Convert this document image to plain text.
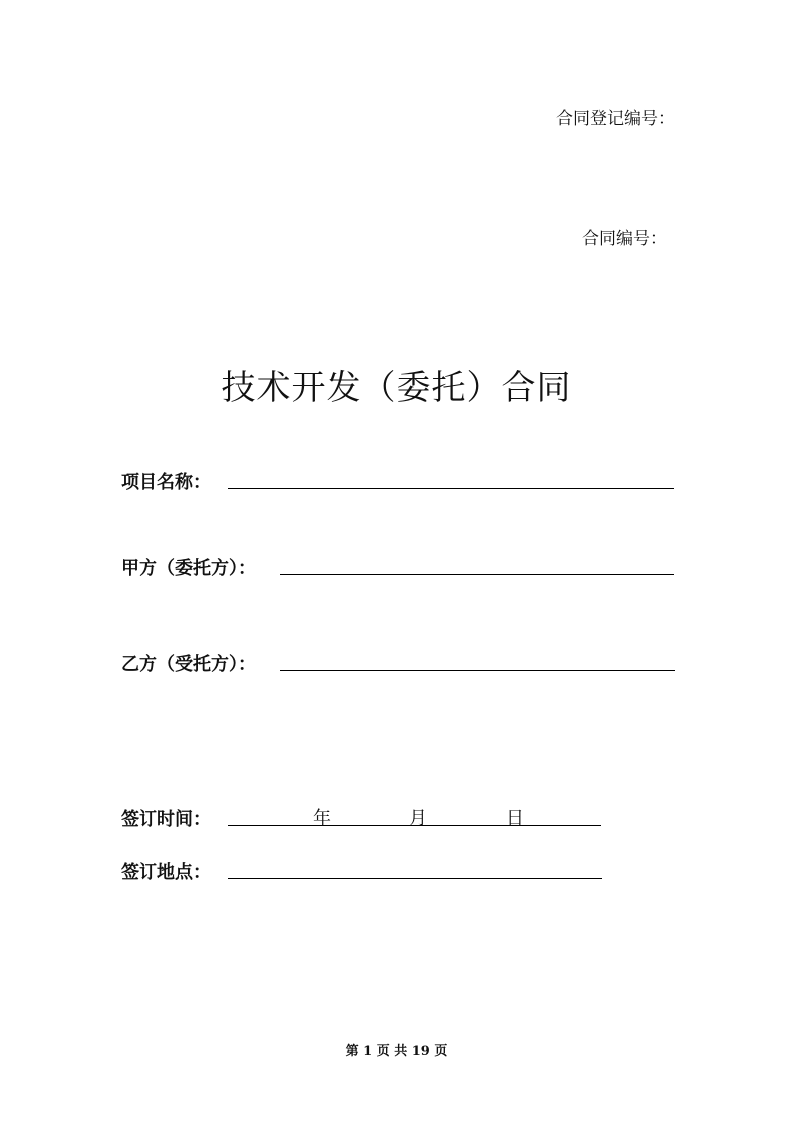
合同登记编号：
合同编号：
技术开发（委托）合同
项目名称：
甲方（委托方）：
乙方（受托方）：
签订时间：	年	月	日
签订地点：
第 1 页 共 19 页
